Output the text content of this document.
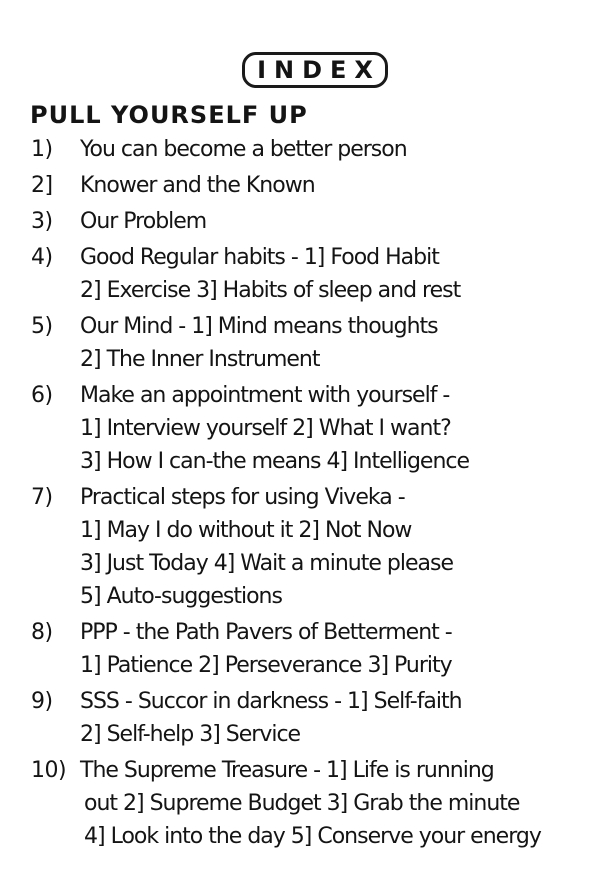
INDEX
PULL YOURSELF UP
1)	You can become a better person
2]	Knower and the Known
3)	Our Problem
4)	Good Regular habits - 1] Food Habit
2] Exercise 3] Habits of sleep and rest
5)	Our Mind - 1] Mind means thoughts
2] The Inner Instrument
6)	Make an appointment with yourself -
1] Interview yourself 2] What I want?
3] How I can-the means 4] Intelligence
7)	Practical steps for using Viveka -
1] May I do without it 2] Not Now
3] Just Today 4] Wait a minute please
5] Auto-suggestions
8)	PPP - the Path Pavers of Betterment -
1] Patience 2] Perseverance 3] Purity
9)	SSS - Succor in darkness - 1] Self-faith
2] Self-help 3] Service
10) The Supreme Treasure - 1] Life is running
out 2] Supreme Budget 3] Grab the minute
4] Look into the day 5] Conserve your energy
